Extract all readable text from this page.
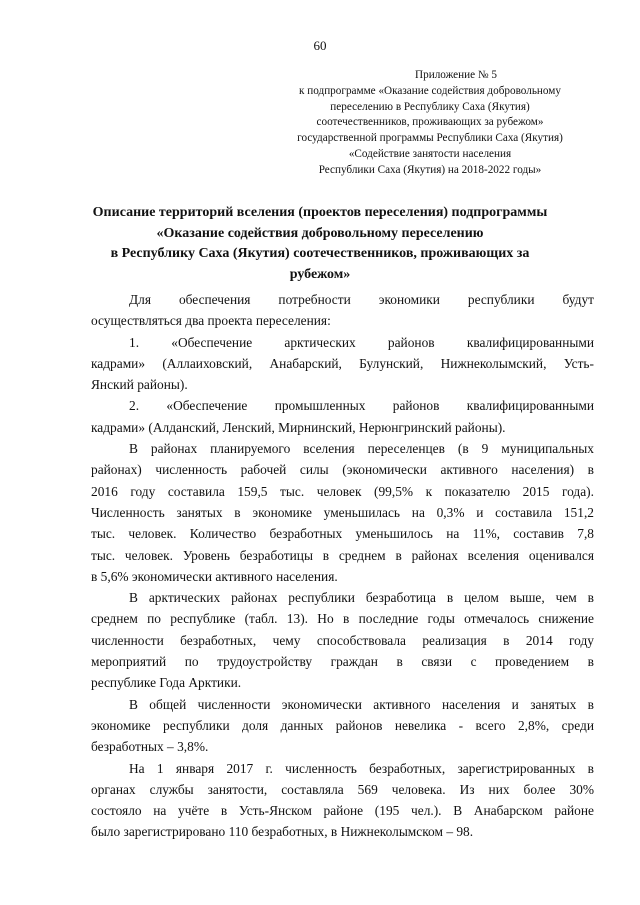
60
Приложение № 5
к подпрограмме «Оказание содействия добровольному
переселению в Республику Саха (Якутия)
соотечественников, проживающих за рубежом»
государственной программы Республики Саха (Якутия)
«Содействие занятости населения
Республики Саха (Якутия) на 2018-2022 годы»
Описание территорий вселения (проектов переселения) подпрограммы
«Оказание содействия добровольному переселению
в Республику Саха (Якутия) соотечественников, проживающих за
рубежом»
Для обеспечения потребности экономики республики будут
осуществляться два проекта переселения:
1. «Обеспечение арктических районов квалифицированными
кадрами» (Аллаиховский, Анабарский, Булунский, Нижнеколымский, Усть-
Янский районы).
2. «Обеспечение промышленных районов квалифицированными
кадрами» (Алданский, Ленский, Мирнинский, Нерюнгринский районы).
В районах планируемого вселения переселенцев (в 9 муниципальных
районах) численность рабочей силы (экономически активного населения) в
2016 году составила 159,5 тыс. человек (99,5% к показателю 2015 года).
Численность занятых в экономике уменьшилась на 0,3% и составила 151,2
тыс. человек. Количество безработных уменьшилось на 11%, составив 7,8
тыс. человек. Уровень безработицы в среднем в районах вселения оценивался
в 5,6% экономически активного населения.
В арктических районах республики безработица в целом выше, чем в
среднем по республике (табл. 13). Но в последние годы отмечалось снижение
численности безработных, чему способствовала реализация в 2014 году
мероприятий по трудоустройству граждан в связи с проведением в
республике Года Арктики.
В общей численности экономически активного населения и занятых в
экономике республики доля данных районов невелика - всего 2,8%, среди
безработных – 3,8%.
На 1 января 2017 г. численность безработных, зарегистрированных в
органах службы занятости, составляла 569 человека. Из них более 30%
состояло на учёте в Усть-Янском районе (195 чел.). В Анабарском районе
было зарегистрировано 110 безработных, в Нижнеколымском – 98.
